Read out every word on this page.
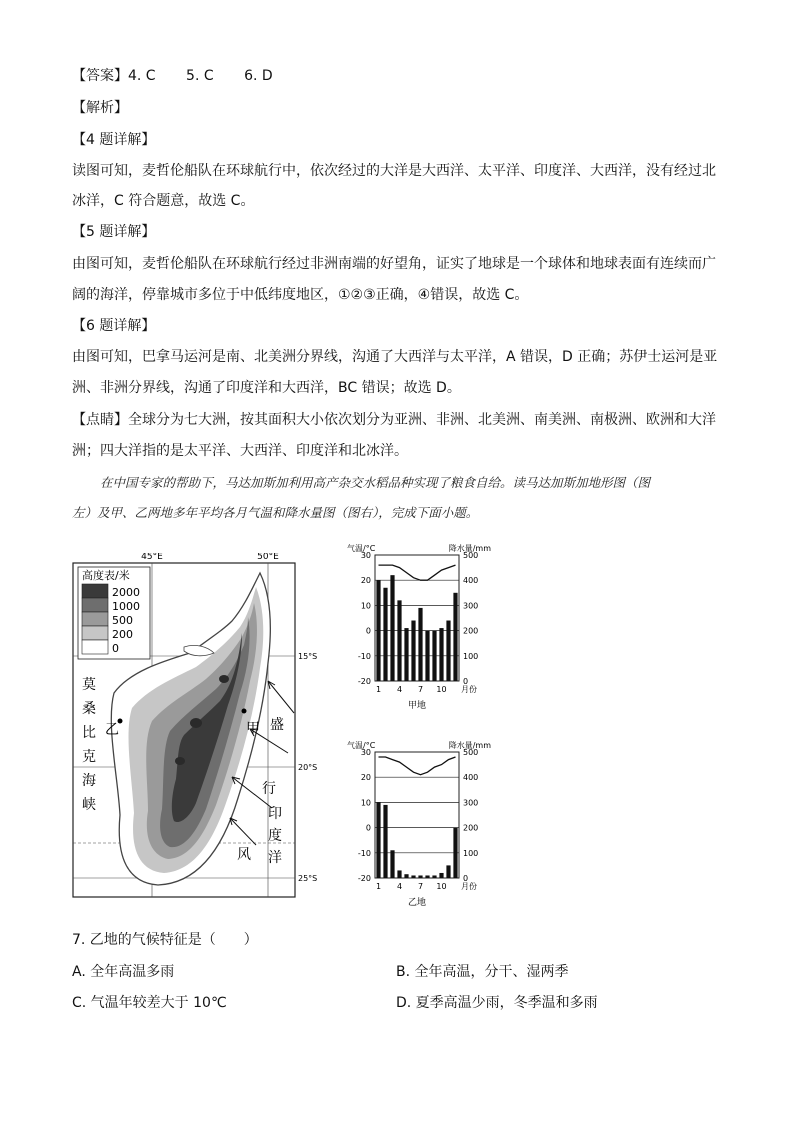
【答案】4. C 5. C 6. D
【解析】
【4 题详解】
读图可知，麦哲伦船队在环球航行中，依次经过的大洋是大西洋、太平洋、印度洋、大西洋，没有经过北
冰洋，C 符合题意，故选 C。
【5 题详解】
由图可知，麦哲伦船队在环球航行经过非洲南端的好望角，证实了地球是一个球体和地球表面有连续而广
阔的海洋，停靠城市多位于中低纬度地区，①②③正确，④错误，故选 C。
【6 题详解】
由图可知，巴拿马运河是南、北美洲分界线，沟通了大西洋与太平洋，A 错误，D 正确；苏伊士运河是亚
洲、非洲分界线，沟通了印度洋和大西洋，BC 错误；故选 D。
【点睛】全球分为七大洲，按其面积大小依次划分为亚洲、非洲、北美洲、南美洲、南极洲、欧洲和大洋
洲；四大洋指的是太平洋、大西洋、印度洋和北冰洋。
在中国专家的帮助下，马达加斯加利用高产杂交水稻品种实现了粮食自给。读马达加斯加地形图（图
左）及甲、乙两地多年平均各月气温和降水量图（图右），完成下面小题。
45°E	50°E
15°S
20°S
25°S
高度表/米
2000
1000
500
200
0
莫
桑
比
克
海
峡
乙	甲 盛
行
印
度
风 洋
气温/°C	降水量/mm
30
20
10
0
-10
-20
500
400
300
200
100
0
1 4 7 10 月份
甲地
气温/°C	降水量/mm
30
20
10
0
-10
-20
500
400
300
200
100
0
1 4 7 10 月份
乙地
7. 乙地的气候特征是（　　）
A. 全年高温多雨	B. 全年高温，分干、湿两季
C. 气温年较差大于 10℃	D. 夏季高温少雨，冬季温和多雨
